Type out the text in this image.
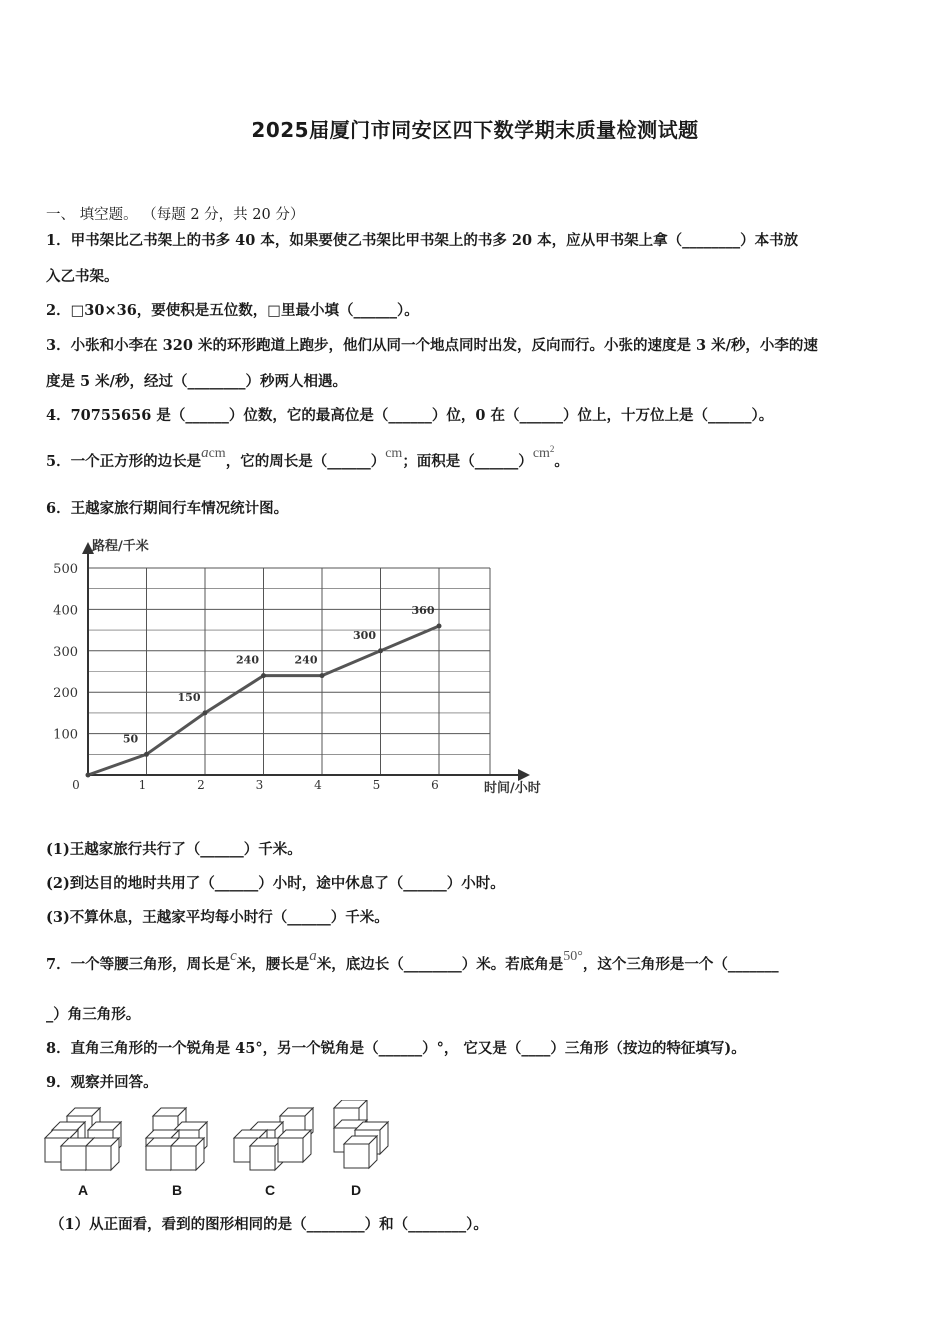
2025届厦门市同安区四下数学期末质量检测试题
一、 填空题。 （每题 2 分，共 20 分）
1．甲书架比乙书架上的书多 40 本，如果要使乙书架比甲书架上的书多 20 本，应从甲书架上拿（________）本书放
入乙书架。
2．□30×36，要使积是五位数，□里最小填（______）。
3．小张和小李在 320 米的环形跑道上跑步，他们从同一个地点同时出发，反向而行。小张的速度是 3 米/秒，小李的速
度是 5 米/秒，经过（________）秒两人相遇。
4．70755656 是（______）位数，它的最高位是（______）位，0 在（______）位上，十万位上是（______）。
5．一个正方形的边长是acm，它的周长是（______）cm；面积是$(\_\_\_\_\_\_)cm^2$。
6．王越家旅行期间行车情况统计图。
100
200
300
400
500
0	1	2	3	4	5	6
50
150
240	240
300
360
路程/千米
时间/小时
(1)王越家旅行共行了（______）千米。
(2)到达目的地时共用了（______）小时，途中休息了（______）小时。
(3)不算休息，王越家平均每小时行（______）千米。
7．一个等腰三角形，周长是c米，腰长是a米，底边长（________）米。若底角是50°，这个三角形是一个（_______
_）角三角形。
8．直角三角形的一个锐角是 45°，另一个锐角是（______）°， 它又是（____）三角形（按边的特征填写)。
9．观察并回答。
A	B	C	D
（1）从正面看，看到的图形相同的是（________）和（________）。
